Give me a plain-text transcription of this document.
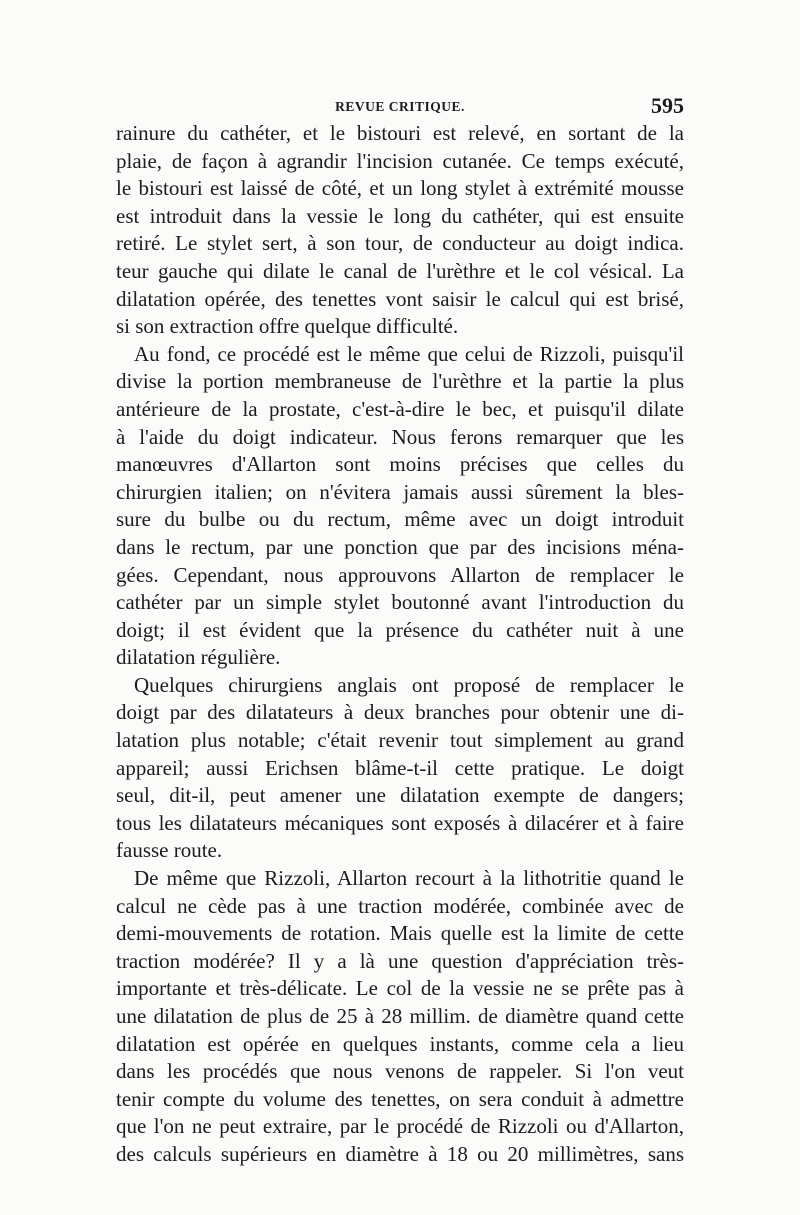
REVUE CRITIQUE.	595
rainure du cathéter, et le bistouri est relevé, en sortant de la
plaie, de façon à agrandir l'incision cutanée. Ce temps exécuté,
le bistouri est laissé de côté, et un long stylet à extrémité mousse
est introduit dans la vessie le long du cathéter, qui est ensuite
retiré. Le stylet sert, à son tour, de conducteur au doigt indica.
teur gauche qui dilate le canal de l'urèthre et le col vésical. La
dilatation opérée, des tenettes vont saisir le calcul qui est brisé,
si son extraction offre quelque difficulté.
Au fond, ce procédé est le même que celui de Rizzoli, puisqu'il
divise la portion membraneuse de l'urèthre et la partie la plus
antérieure de la prostate, c'est-à-dire le bec, et puisqu'il dilate
à l'aide du doigt indicateur. Nous ferons remarquer que les
manœuvres d'Allarton sont moins précises que celles du
chirurgien italien; on n'évitera jamais aussi sûrement la bles-
sure du bulbe ou du rectum, même avec un doigt introduit
dans le rectum, par une ponction que par des incisions ména-
gées. Cependant, nous approuvons Allarton de remplacer le
cathéter par un simple stylet boutonné avant l'introduction du
doigt; il est évident que la présence du cathéter nuit à une
dilatation régulière.
Quelques chirurgiens anglais ont proposé de remplacer le
doigt par des dilatateurs à deux branches pour obtenir une di-
latation plus notable; c'était revenir tout simplement au grand
appareil; aussi Erichsen blâme-t-il cette pratique. Le doigt
seul, dit-il, peut amener une dilatation exempte de dangers;
tous les dilatateurs mécaniques sont exposés à dilacérer et à faire
fausse route.
De même que Rizzoli, Allarton recourt à la lithotritie quand le
calcul ne cède pas à une traction modérée, combinée avec de
demi-mouvements de rotation. Mais quelle est la limite de cette
traction modérée? Il y a là une question d'appréciation très-
importante et très-délicate. Le col de la vessie ne se prête pas à
une dilatation de plus de 25 à 28 millim. de diamètre quand cette
dilatation est opérée en quelques instants, comme cela a lieu
dans les procédés que nous venons de rappeler. Si l'on veut
tenir compte du volume des tenettes, on sera conduit à admettre
que l'on ne peut extraire, par le procédé de Rizzoli ou d'Allarton,
des calculs supérieurs en diamètre à 18 ou 20 millimètres, sans
